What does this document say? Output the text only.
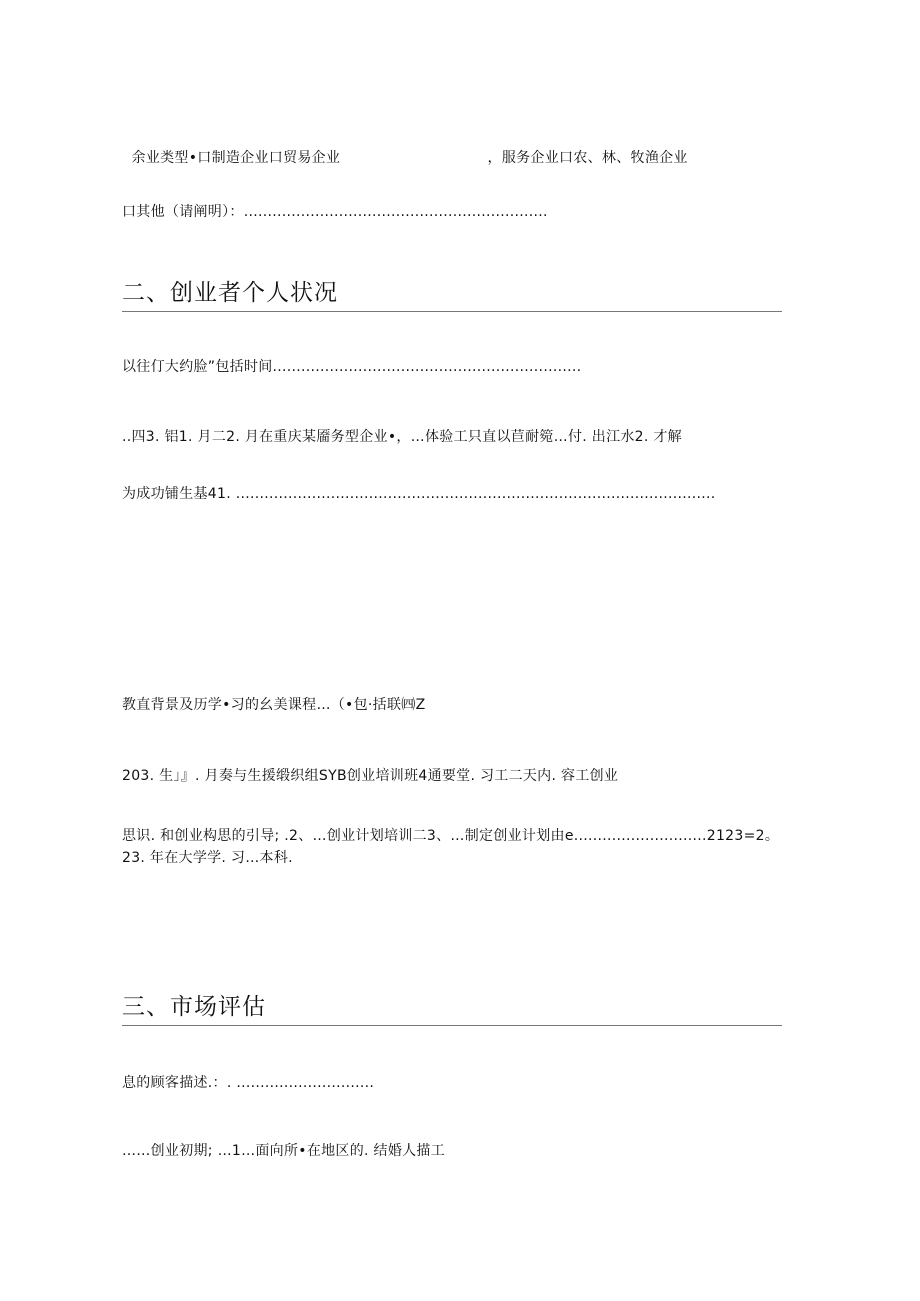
余业类型•口制造企业口贸易企业	，服务企业口农、林、牧渔企业

口其他（请阐明）：................................................................
二、创业者个人状况
以往仃大约脸”包括时间.................................................................
..四3. 铝1. 月二2. 月在重庆某靥务型企业•，…体验工只直以苣耐箢…付. 出江水2. 才解
为成功铺生基41. .....................................................................................................
教直背景及历学•习的幺美课程…（•包·括联㈣Z
203. 生」』. 月奏与生援缎织组SYB创业培训班4通要堂. 习工二天内. 容工创业
思识. 和创业构思的引导; .2、…创业计划培训二3、…制定创业计划由e............................2123=2。
23. 年在大学学. 习…本科.
三、市场评估
息的顾客描述.：. .............................
……创业初期; …1…面向所•在地区的. 结婚人描工
